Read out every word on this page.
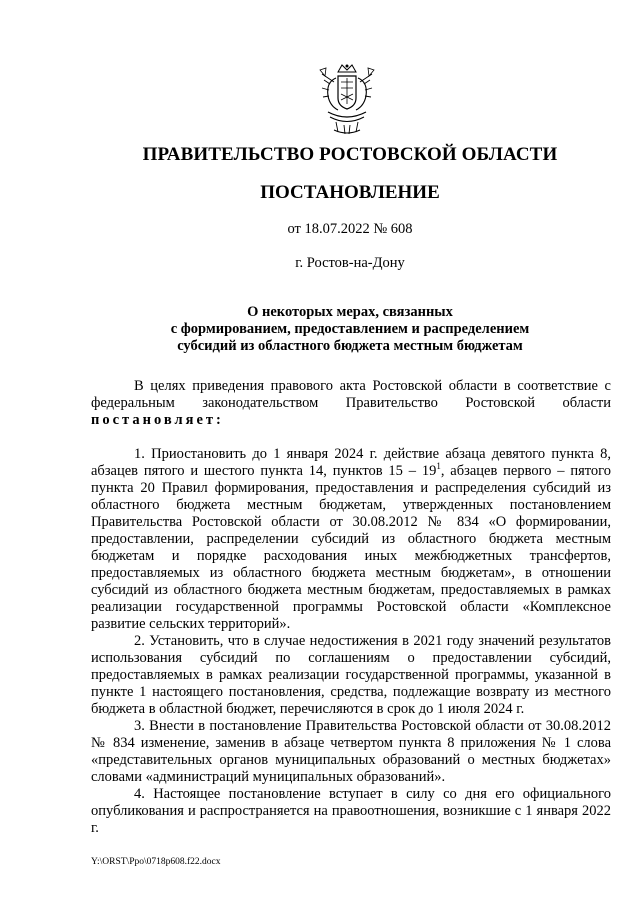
ПРАВИТЕЛЬСТВО РОСТОВСКОЙ ОБЛАСТИ
ПОСТАНОВЛЕНИЕ
от 18.07.2022 № 608
г. Ростов-на-Дону
О некоторых мерах, связанных
с формированием, предоставлением и распределением
субсидий из областного бюджета местным бюджетам

В целях приведения правового акта Ростовской области в соответствие с федеральным законодательством Правительство Ростовской области постановляет:

1. Приостановить до 1 января 2024 г. действие абзаца девятого пункта 8, абзацев пятого и шестого пункта 14, пунктов $15 - 19^1$, абзацев первого – пятого пункта 20 Правил формирования, предоставления и распределения субсидий из областного бюджета местным бюджетам, утвержденных постановлением Правительства Ростовской области от 30.08.2012 № 834 «О формировании, предоставлении, распределении субсидий из областного бюджета местным бюджетам и порядке расходования иных межбюджетных трансфертов, предоставляемых из областного бюджета местным бюджетам», в отношении субсидий из областного бюджета местным бюджетам, предоставляемых в рамках реализации государственной программы Ростовской области «Комплексное развитие сельских территорий».

2. Установить, что в случае недостижения в 2021 году значений результатов использования субсидий по соглашениям о предоставлении субсидий, предоставляемых в рамках реализации государственной программы, указанной в пункте 1 настоящего постановления, средства, подлежащие возврату из местного бюджета в областной бюджет, перечисляются в срок до 1 июля 2024 г.

3. Внести в постановление Правительства Ростовской области от 30.08.2012 № 834 изменение, заменив в абзаце четвертом пункта 8 приложения № 1 слова «представительных органов муниципальных образований о местных бюджетах» словами «администраций муниципальных образований».

4. Настоящее постановление вступает в силу со дня его официального опубликования и распространяется на правоотношения, возникшие с 1 января 2022 г.

Y:\ORST\Ppo\0718p608.f22.docx
